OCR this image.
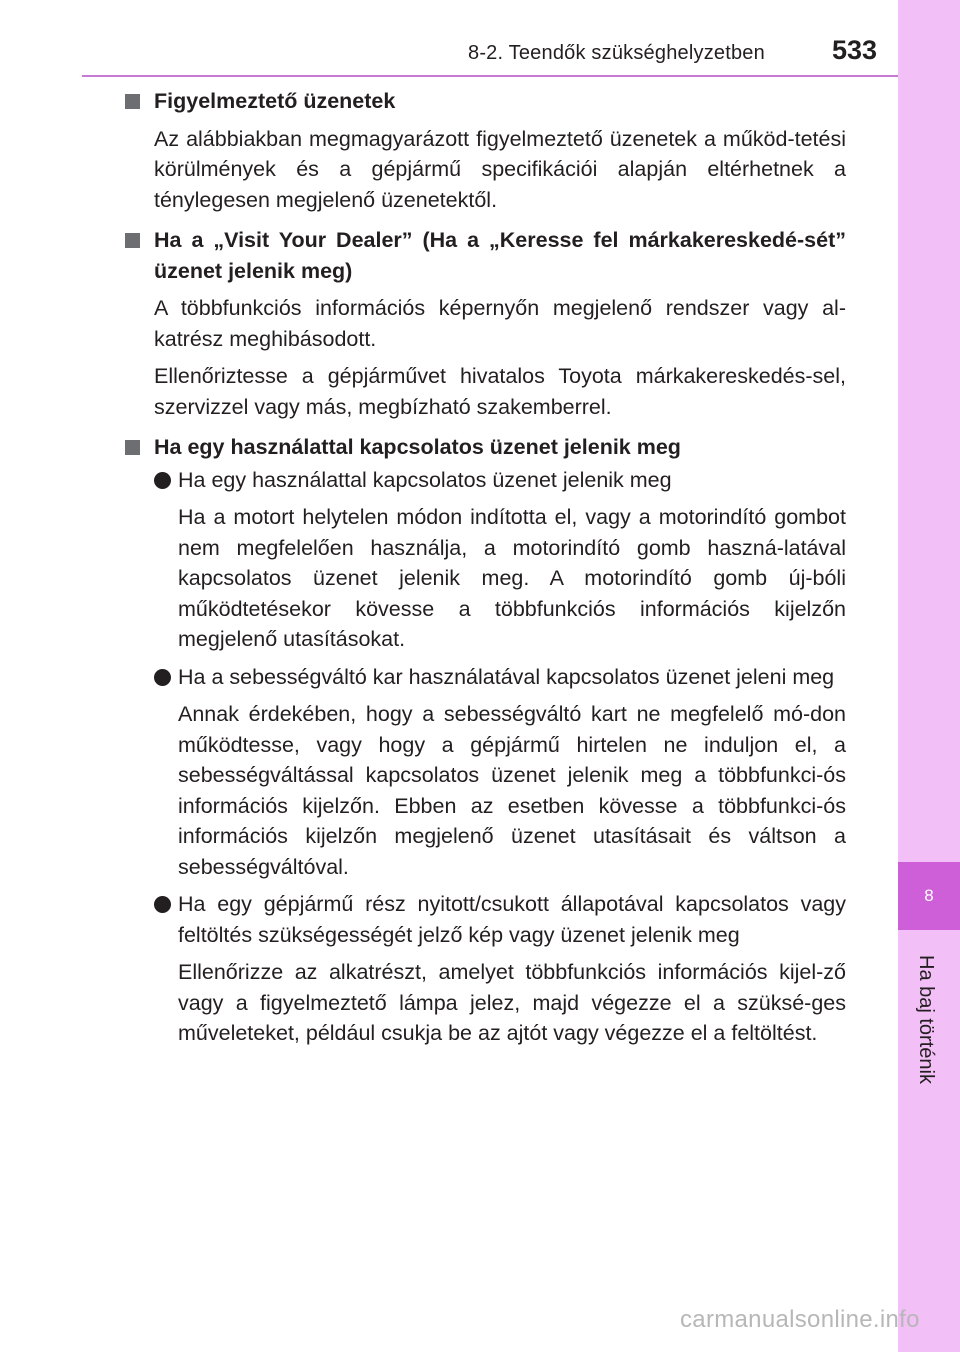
8-2. Teendők szükséghelyzetben 533
8
Ha baj történik

Figyelmeztető üzenetek

Az alábbiakban megmagyarázott figyelmeztető üzenetek a működ-tetési körülmények és a gépjármű specifikációi alapján eltérhetnek a ténylegesen megjelenő üzenetektől.

Ha a „Visit Your Dealer” (Ha a „Keresse fel márkakereskedé-sét” üzenet jelenik meg)

A többfunkciós információs képernyőn megjelenő rendszer vagy al-katrész meghibásodott.

Ellenőriztesse a gépjárművet hivatalos Toyota márkakereskedés-sel, szervizzel vagy más, megbízható szakemberrel.

Ha egy használattal kapcsolatos üzenet jelenik meg

Ha egy használattal kapcsolatos üzenet jelenik meg

Ha a motort helytelen módon indította el, vagy a motorindító gombot nem megfelelően használja, a motorindító gomb haszná-latával kapcsolatos üzenet jelenik meg. A motorindító gomb új-bóli működtetésekor kövesse a többfunkciós információs kijelzőn megjelenő utasításokat.

Ha a sebességváltó kar használatával kapcsolatos üzenet jeleni meg

Annak érdekében, hogy a sebességváltó kart ne megfelelő mó-don működtesse, vagy hogy a gépjármű hirtelen ne induljon el, a sebességváltással kapcsolatos üzenet jelenik meg a többfunkci-ós információs kijelzőn. Ebben az esetben kövesse a többfunkci-ós információs kijelzőn megjelenő üzenet utasításait és váltson a sebességváltóval.

Ha egy gépjármű rész nyitott/csukott állapotával kapcsolatos vagy feltöltés szükségességét jelző kép vagy üzenet jelenik meg

Ellenőrizze az alkatrészt, amelyet többfunkciós információs kijel-ző vagy a figyelmeztető lámpa jelez, majd végezze el a szüksé-ges műveleteket, például csukja be az ajtót vagy végezze el a feltöltést.

carmanualsonline.info
